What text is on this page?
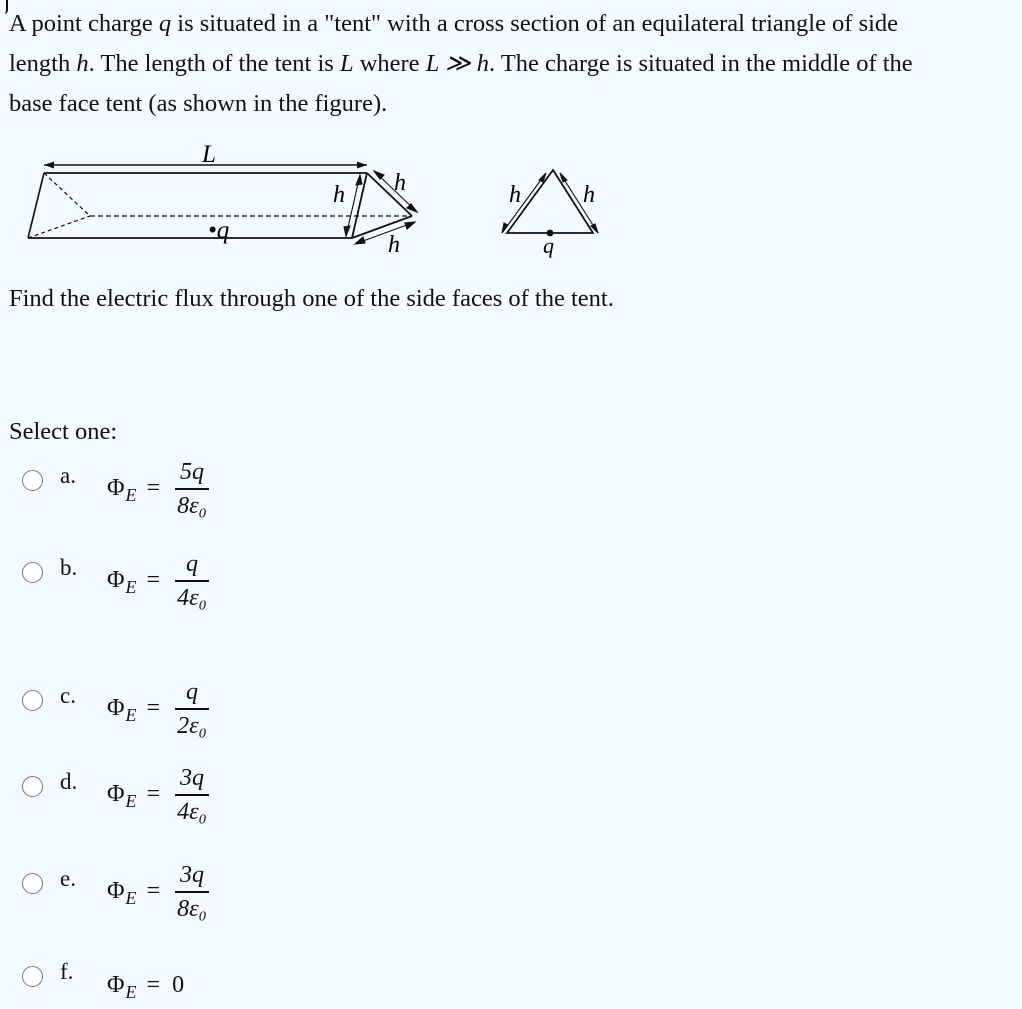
A point charge q is situated in a "tent" with a cross section of an equilateral triangle of side
length h. The length of the tent is L where L ≫ h. The charge is situated in the middle of the
base face tent (as shown in the figure).
L
•q
h h
h
h	h
q
Find the electric flux through one of the side faces of the tent.
Select one:
a. Φ $E = \frac{5q}{\text{8ε₀}}$
b. Φ $E = \frac{q}{\text{4ε₀}}$
c. Φ $E = \frac{q}{\text{2ε₀}}$
d. Φ $E = \frac{3q}{\text{4ε₀}}$
e. Φ $E = \frac{3q}{\text{8ε₀}}$
f.
Φ E = 0
